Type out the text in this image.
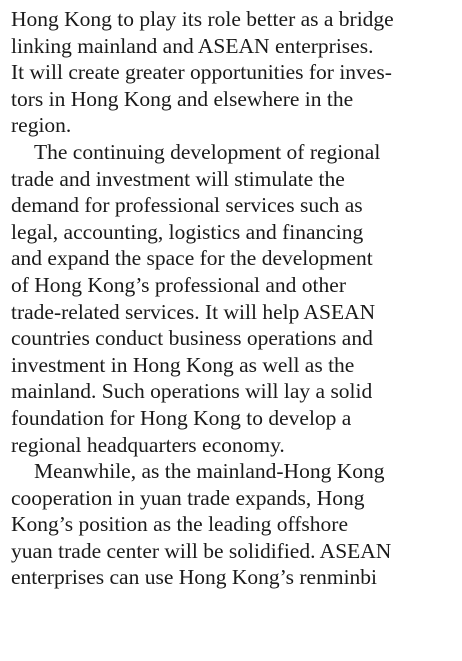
Hong Kong to play its role better as a bridge
linking mainland and ASEAN enterprises.
It will create greater opportunities for inves-
tors in Hong Kong and elsewhere in the
region.
The continuing development of regional
trade and investment will stimulate the
demand for professional services such as
legal, accounting, logistics and financing
and expand the space for the development
of Hong Kong’s professional and other
trade-related services. It will help ASEAN
countries conduct business operations and
investment in Hong Kong as well as the
mainland. Such operations will lay a solid
foundation for Hong Kong to develop a
regional headquarters economy.
Meanwhile, as the mainland-Hong Kong
cooperation in yuan trade expands, Hong
Kong’s position as the leading offshore
yuan trade center will be solidified. ASEAN
enterprises can use Hong Kong’s renminbi
